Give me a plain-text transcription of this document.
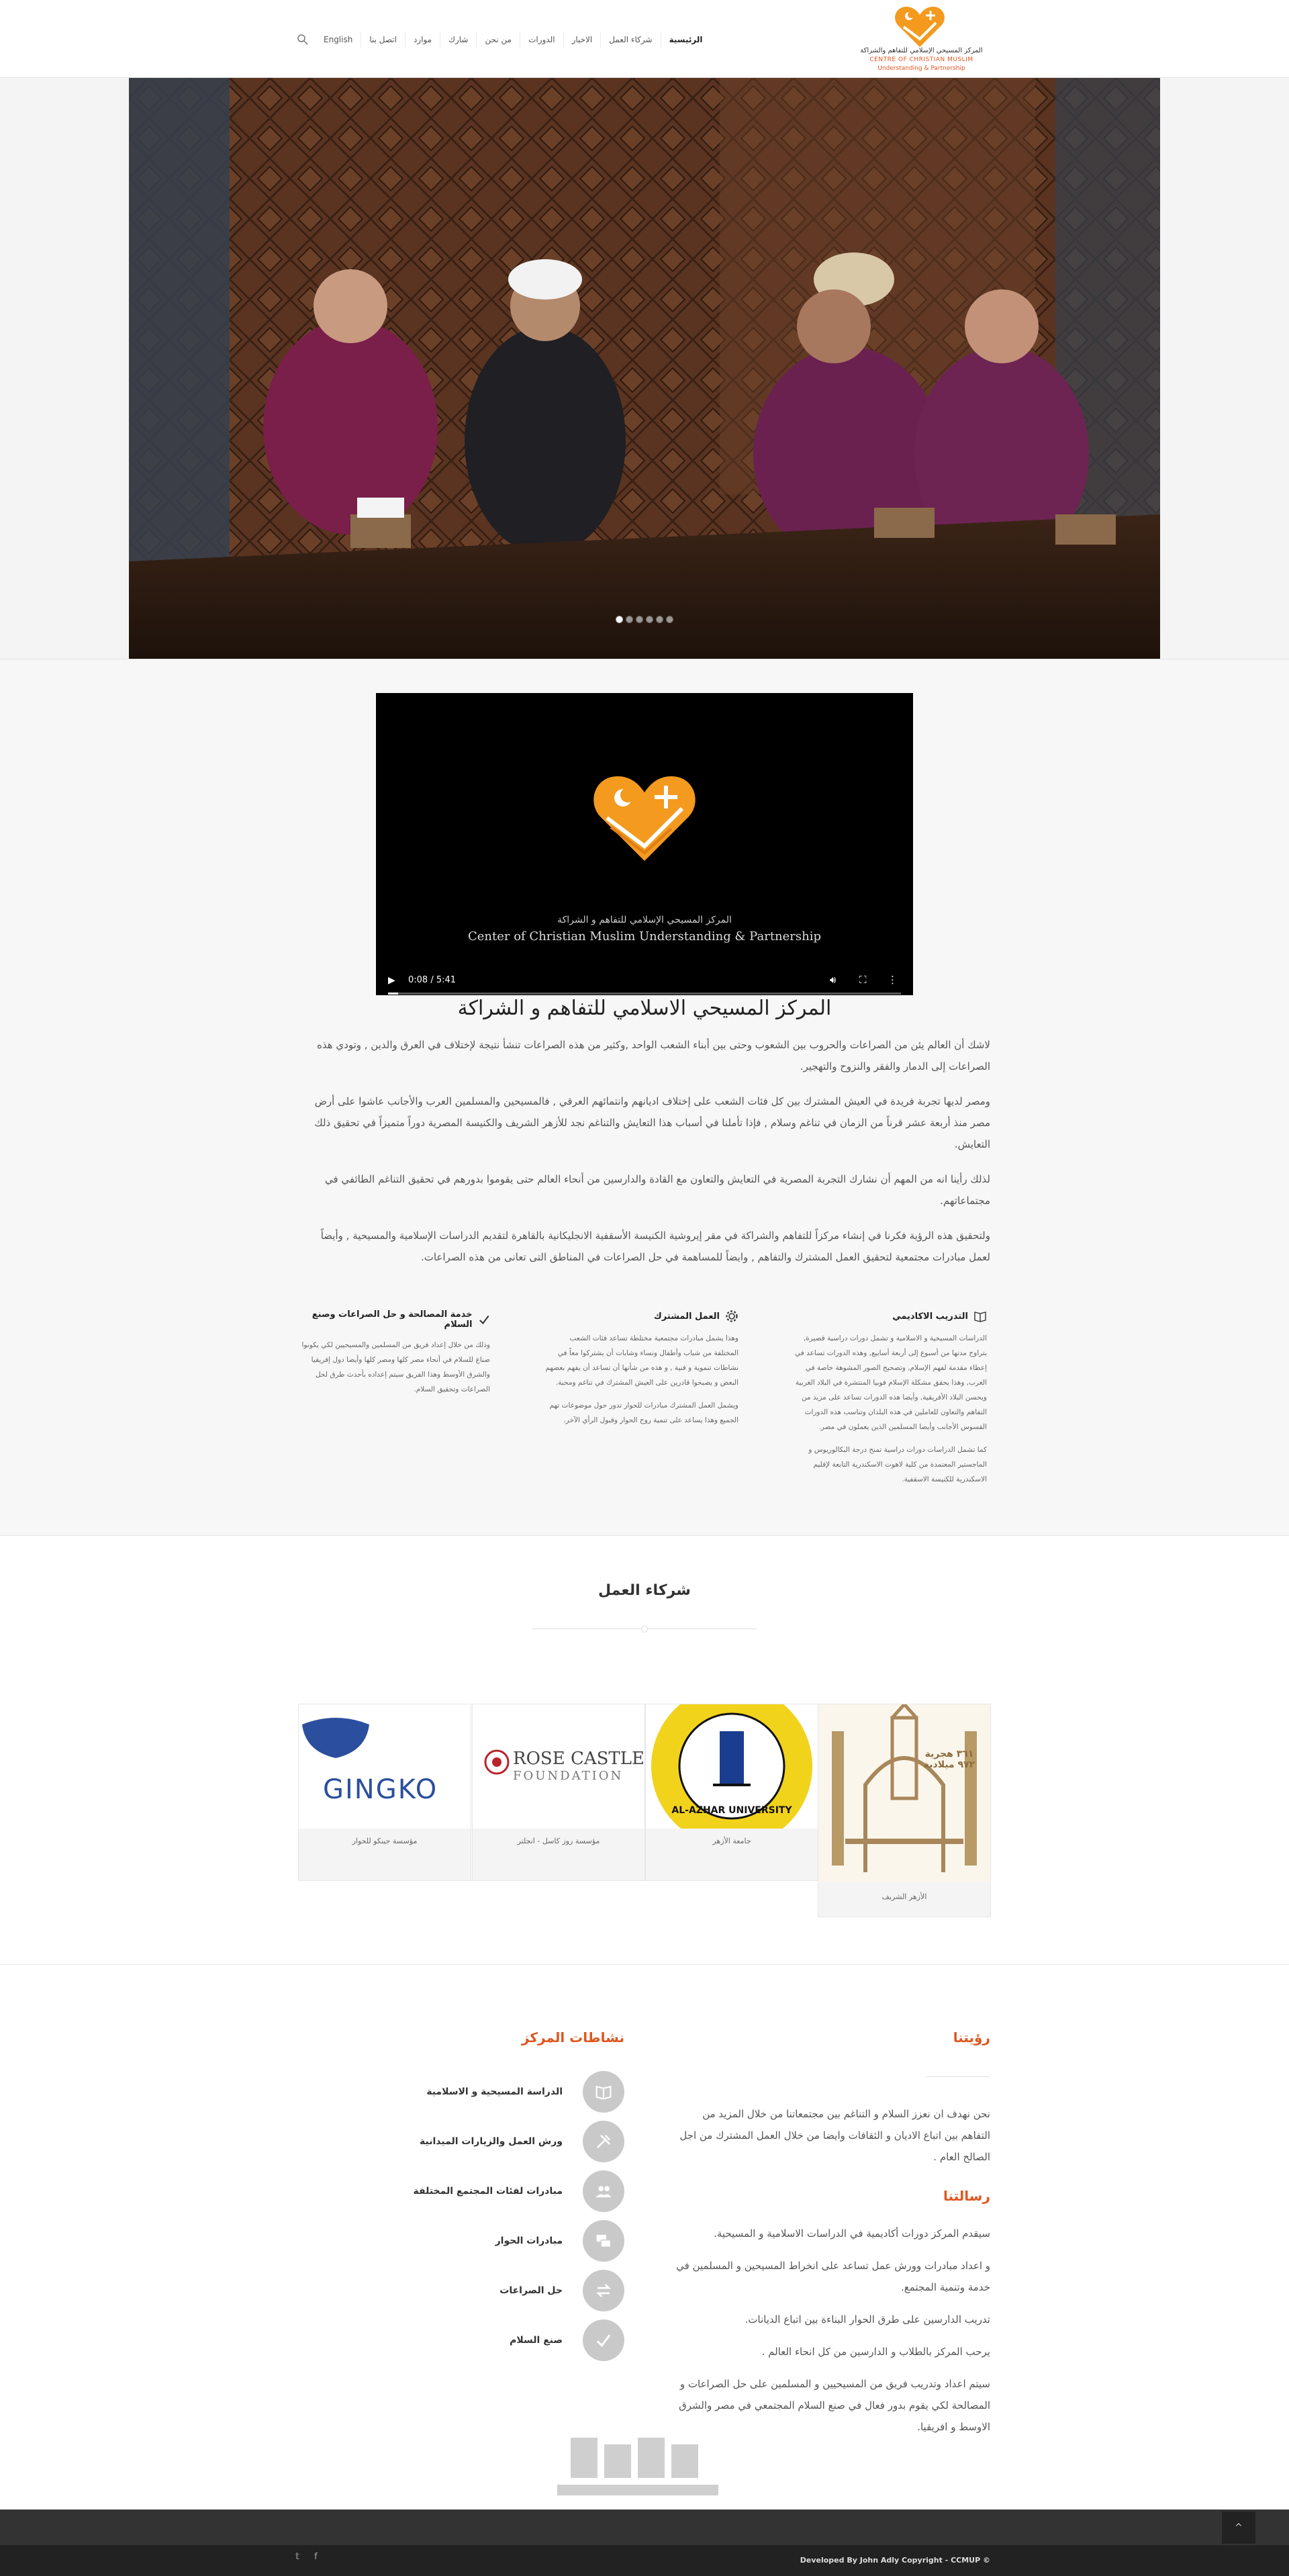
المركز المسيحي الإسلامي للتفاهم والشراكة
CENTRE OF CHRISTIAN MUSLIM
Understanding & Partnership
الرئيسية
شركاء العمل
الاخبار
الدورات
من نحن
شارك
موارد
اتصل بنا
English
المركز المسيحي الإسلامي للتفاهم و الشراكة
Center of Christian Muslim Understanding & Partnership
▶ 0:08 / 5:41	🔊︎ ⛶ ⋮
المركز المسيحي الاسلامي للتفاهم و الشراكة

لاشك أن العالم يئن من الصراعات والحروب بين الشعوب وحتى بين أبناء الشعب الواحد ,وكثير من هذه الصراعات تنشأ نتيجة لإختلاف في العرق والدين , وتودي هذه الصراعات إلى الدمار والفقر والنزوح والتهجير.

ومصر لديها تجربة فريدة في العيش المشترك بين كل فئات الشعب على إختلاف اديانهم وانتمائهم العرقي , فالمسيحين والمسلمين العرب والأجانب عاشوا على أرض مصر منذ أربعة عشر قرناً من الزمان في تناغم وسلام , فإذا تأملنا في أسباب هذا التعايش والتناغم نجد للأزهر الشريف والكنيسة المصرية دوراً متميزاً في تحقيق ذلك التعايش.

لذلك رأينا انه من المهم أن نشارك التجربة المصرية في التعايش والتعاون مع القادة والدارسين من أنحاء العالم حتى يقوموا بدورهم في تحقيق التناغم الطائفي في مجتماعاتهم.

ولتحقيق هذه الرؤية فكرنا في إنشاء مركزاً للتفاهم والشراكة في مقر إيروشية الكنيسة الأسقفية الانجليكانية بالقاهرة لتقديم الدراسات الإسلامية والمسيحية , وأيضاً لعمل مبادرات مجتمعية لتحقيق العمل المشترك والتفاهم , وايضاً للمساهمة في حل الصراعات في المناطق التى تعانى من هذه الصراعات.

التدريب الاكاديمي

الدراسات المسيحية و الاسلامية و تشمل دورات دراسية قصيرة, بتراوح مدتها من أسبوع إلى أربعة أسابيع, وهذه الدورات تساعد في إعطاء مقدمة لفهم الإسلام, وتصحيح الصور المشوهة خاصة في الغرب, وهذا يحقق مشكلة الإسلام فوبيا المنتشرة في البلاد الغربية ويحسن البلاد الأفريقية, وأيضا هذه الدورات تساعد على مزيد من التفاهم والتعاون للعاملين في هذه البلدان وتناسب هذه الدورات القسوس الأجانب وأيضا المسلمين الذين يعملون في مصر.

كما تشمل الدراسات دورات دراسية تمنح درجة البكالوريوس و الماجستير المعتمدة من كلية لاهوت الاسكندرية التابعة لإقليم الاسكندرية للكنيسة الاسقفية.

العمل المشترك

وهذا يشمل مبادرات مجتمعية مختلطة تساعد فئات الشعب المختلفة من شباب وأطفال ونساء وشابات أن يشتركوا معاً في نشاطات تنموية و فنية , و هذه من شأنها أن تساعد أن يفهم بعضهم البعض و يصبحوا قادرين على العيش المشترك في تناغم ومحبة.

ويشمل العمل المشترك مبادرات للحوار تدور حول موضوعات تهم الجميع وهذا يساعد على تنمية روح الحوار وقبول الرأي الآخر.

خدمة المصالحة و حل الصراعات وصنع السلام

وذلك من خلال إعداد فريق من المسلمين والمسيحيين لكي يكونوا صناع للسلام في أنحاء مصر كلها ومصر كلها وأيضا دول إفريقيا والشرق الأوسط وهذا الفريق سيتم إعداده بأحدث طرق لحل الصراعات وتحقيق السلام.

شركاء العمل
٣٦١ هجرية ٩٧٢ ميلادية
الأزهر الشريف
AL-AZHAR UNIVERSITY
جامعة الأزهر
ROSE CASTLE
FOUNDATION
مؤسسة روز كاسل - انجلتر
GINGKO
مؤسسة جينكو للحوار
رؤيتنا
نحن نهدف ان نعزز السلام و التناغم بين مجتمعاتنا من خلال المزيد من التفاهم بين اتباع الاديان و الثقافات وايضا من خلال العمل المشترك من اجل الصالح العام .
رسالتنا

سيقدم المركز دورات أكاديمية في الدراسات الاسلامية و المسيحية.

و اعداد مبادرات وورش عمل تساعد على انخراط المسيحين و المسلمين في خدمة وتنمية المجتمع.

تدريب الدارسين على طرق الحوار البناءة بين اتباع الديانات.

يرحب المركز بالطلاب و الدارسين من كل انحاء العالم .

سيتم اعداد وتدريب فريق من المسيحيين و المسلمين على حل الصراعات و المصالحة لكي يقوم بدور فعال في صنع السلام المجتمعي في مصر والشرق الاوسط و افريقيا.

نشاطات المركز
الدراسة المسيحية و الاسلامية
ورش العمل والزيارات الميدانية
مبادرات لفئات المجتمع المختلفة
مبادرات الحوار
حل الصراعات
صنع السلام
^
Developed By John Adly Copyright - CCMUP ©
𝕥 f
